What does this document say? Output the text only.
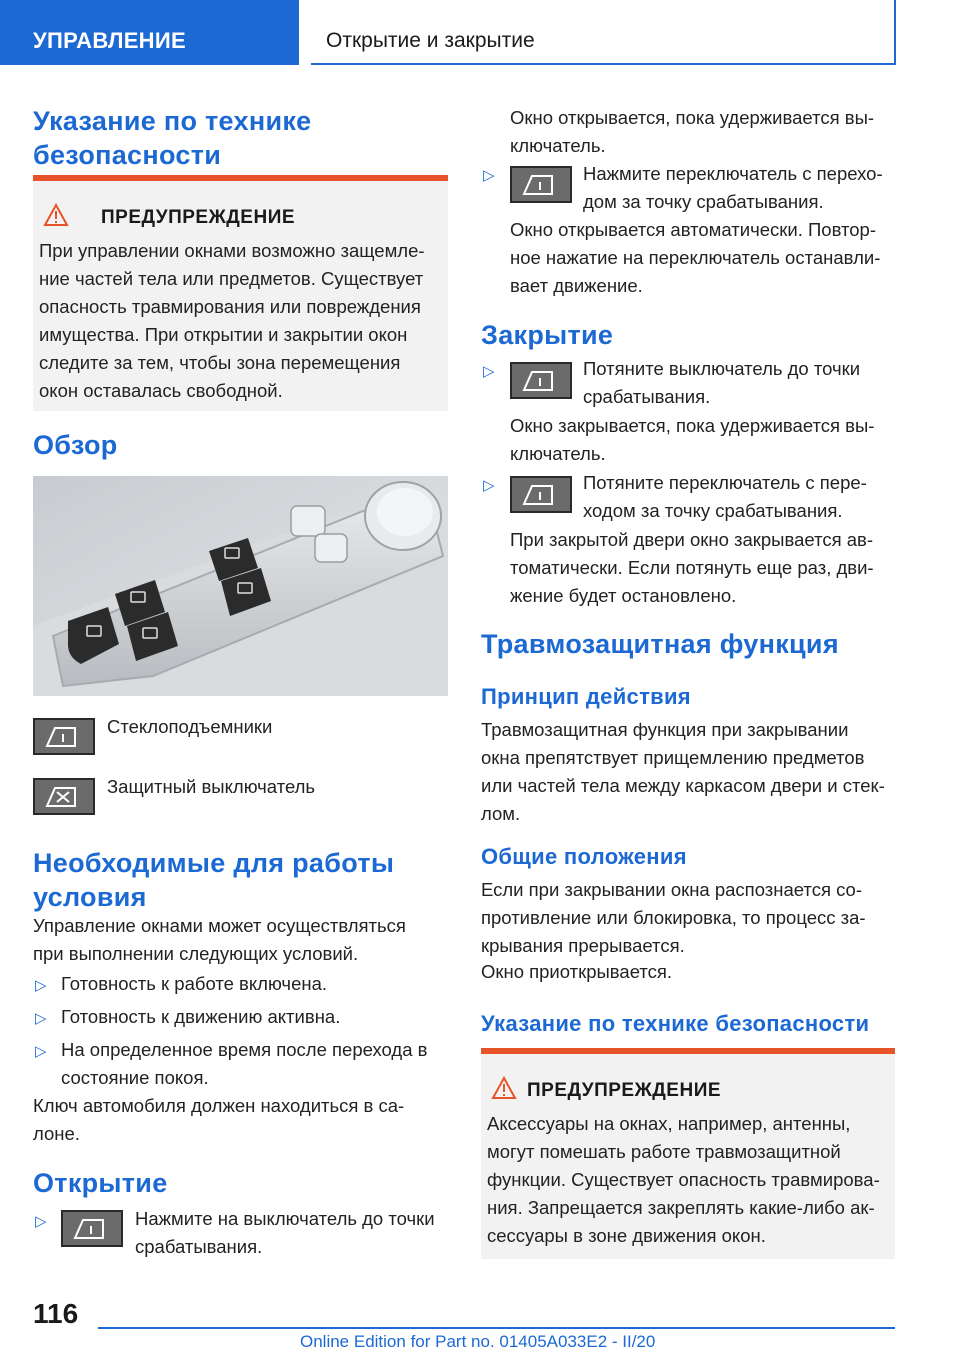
УПРАВЛЕНИЕ	Открытие и закрытие
Указание по технике
безопасности
ПРЕДУПРЕЖДЕНИЕ
При управлении окнами возможно защемле-
ние частей тела или предметов. Существует
опасность травмирования или повреждения
имущества. При открытии и закрытии окон
следите за тем, чтобы зона перемещения
окон оставалась свободной.
Обзор
Стеклоподъемники
Защитный выключатель
Необходимые для работы
условия
Управление окнами может осуществляться
при выполнении следующих условий.
▷ Готовность к работе включена.
▷ Готовность к движению активна.
▷ На определенное время после перехода в
состояние покоя.
Ключ автомобиля должен находиться в са-
лоне.
Открытие
▷	Нажмите на выключатель до точки
срабатывания.
Окно открывается, пока удерживается вы-
ключатель.
▷	Нажмите переключатель с перехо-
дом за точку срабатывания.
Окно открывается автоматически. Повтор-
ное нажатие на переключатель останавли-
вает движение.
Закрытие
▷	Потяните выключатель до точки
срабатывания.
Окно закрывается, пока удерживается вы-
ключатель.
▷	Потяните переключатель с пере-
ходом за точку срабатывания.
При закрытой двери окно закрывается ав-
томатически. Если потянуть еще раз, дви-
жение будет остановлено.
Травмозащитная функция
Принцип действия
Травмозащитная функция при закрывании
окна препятствует прищемлению предметов
или частей тела между каркасом двери и стек-
лом.
Общие положения
Если при закрывании окна распознается со-
противление или блокировка, то процесс за-
крывания прерывается.
Окно приоткрывается.
Указание по технике безопасности
ПРЕДУПРЕЖДЕНИЕ
Аксессуары на окнах, например, антенны,
могут помешать работе травмозащитной
функции. Существует опасность травмирова-
ния. Запрещается закреплять какие-либо ак-
сессуары в зоне движения окон.
116
Online Edition for Part no. 01405A033E2 - II/20
